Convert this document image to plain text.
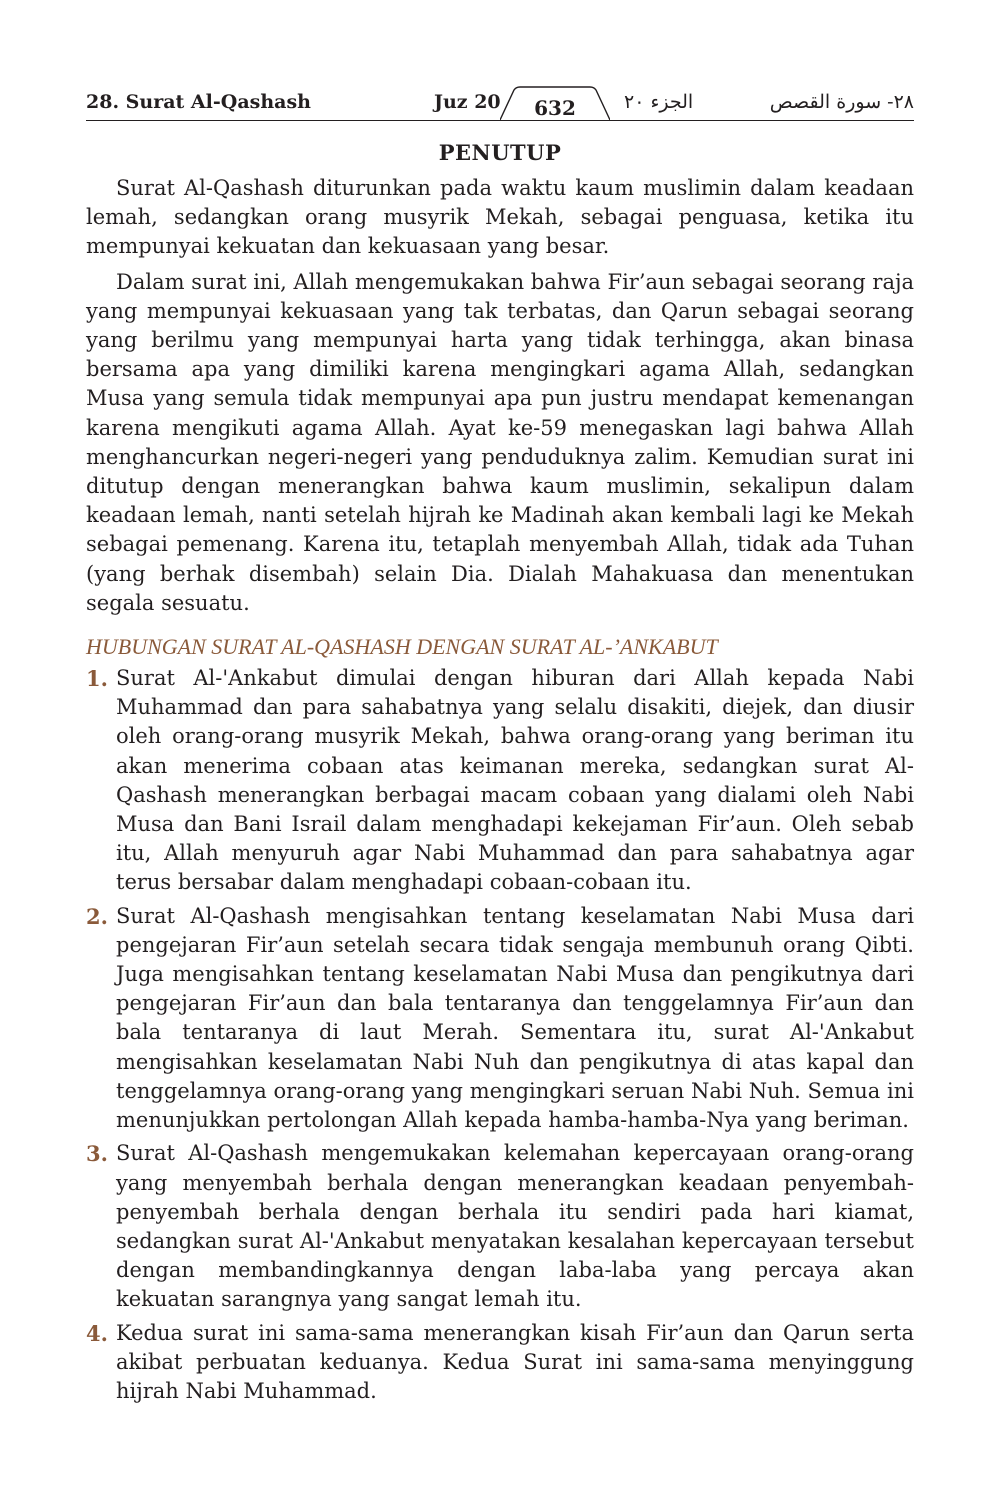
28. Surat Al-Qashash	Juz 20	632	الجزء ٢٠	٢٨- سورة القصص
PENUTUP

Surat Al-Qashash diturunkan pada waktu kaum muslimin dalam keadaan lemah, sedangkan orang musyrik Mekah, sebagai penguasa, ketika itu mempunyai kekuatan dan kekuasaan yang besar.

Dalam surat ini, Allah mengemukakan bahwa Fir’aun sebagai seorang raja yang mempunyai kekuasaan yang tak terbatas, dan Qarun sebagai seorang yang berilmu yang mempunyai harta yang tidak terhingga, akan binasa bersama apa yang dimiliki karena mengingkari agama Allah, sedangkan Musa yang semula tidak mempunyai apa pun justru mendapat kemenangan karena mengikuti agama Allah. Ayat ke-59 menegaskan lagi bahwa Allah menghancurkan negeri-negeri yang penduduknya zalim. Kemudian surat ini ditutup dengan menerangkan bahwa kaum muslimin, sekalipun dalam keadaan lemah, nanti setelah hijrah ke Madinah akan kembali lagi ke Mekah sebagai pemenang. Karena itu, tetaplah menyembah Allah, tidak ada Tuhan (yang berhak disembah) selain Dia. Dialah Mahakuasa dan menentukan segala sesuatu.

HUBUNGAN SURAT AL-QASHASH DENGAN SURAT AL-’ANKABUT
1. Surat Al-'Ankabut dimulai dengan hiburan dari Allah kepada Nabi Muhammad dan para sahabatnya yang selalu disakiti, diejek, dan diusir oleh orang-orang musyrik Mekah, bahwa orang-orang yang beriman itu akan menerima cobaan atas keimanan mereka, sedangkan surat Al-Qashash menerangkan berbagai macam cobaan yang dialami oleh Nabi Musa dan Bani Israil dalam menghadapi kekejaman Fir’aun. Oleh sebab itu, Allah menyuruh agar Nabi Muhammad dan para sahabatnya agar terus bersabar dalam menghadapi cobaan-cobaan itu.
2. Surat Al-Qashash mengisahkan tentang keselamatan Nabi Musa dari pengejaran Fir’aun setelah secara tidak sengaja membunuh orang Qibti. Juga mengisahkan tentang keselamatan Nabi Musa dan pengikutnya dari pengejaran Fir’aun dan bala tentaranya dan tenggelamnya Fir’aun dan bala tentaranya di laut Merah. Sementara itu, surat Al-'Ankabut mengisahkan keselamatan Nabi Nuh dan pengikutnya di atas kapal dan tenggelamnya orang-orang yang mengingkari seruan Nabi Nuh. Semua ini menunjukkan pertolongan Allah kepada hamba-hamba-Nya yang beriman.
3. Surat Al-Qashash mengemukakan kelemahan kepercayaan orang-orang yang menyembah berhala dengan menerangkan keadaan penyembah-penyembah berhala dengan berhala itu sendiri pada hari kiamat, sedangkan surat Al-'Ankabut menyatakan kesalahan kepercayaan tersebut dengan membandingkannya dengan laba-laba yang percaya akan kekuatan sarangnya yang sangat lemah itu.
4. Kedua surat ini sama-sama menerangkan kisah Fir’aun dan Qarun serta akibat perbuatan keduanya. Kedua Surat ini sama-sama menyinggung hijrah Nabi Muhammad.
